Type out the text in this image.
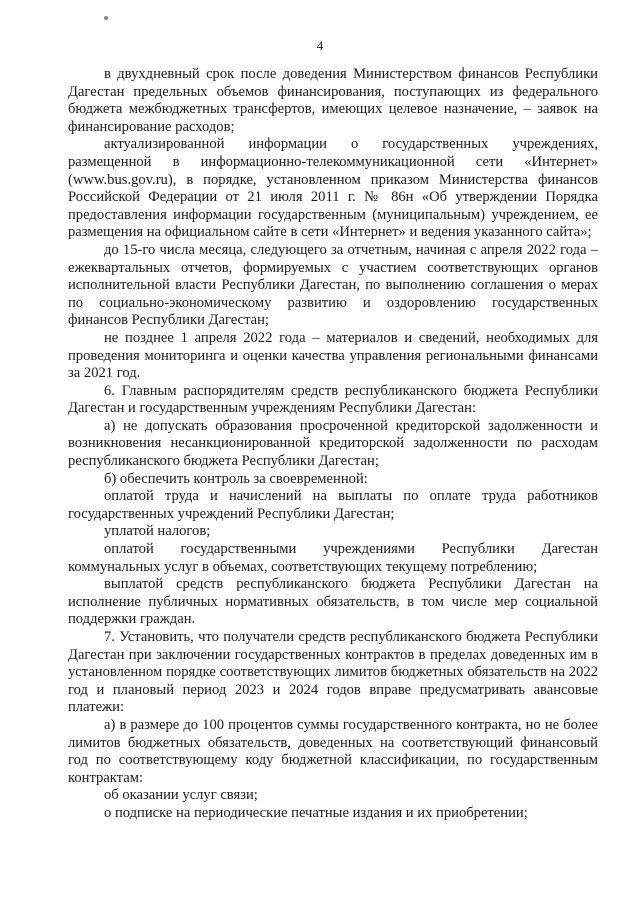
4

в двухдневный срок после доведения Министерством финансов Республики Дагестан предельных объемов финансирования, поступающих из федерального бюджета межбюджетных трансфертов, имеющих целевое назначение, – заявок на финансирование расходов;

актуализированной информации о государственных учреждениях, размещенной в информационно-телекоммуникационной сети «Интернет» (www.bus.gov.ru), в порядке, установленном приказом Министерства финансов Российской Федерации от 21 июля 2011 г. № 86н «Об утверждении Порядка предоставления информации государственным (муниципальным) учреждением, ее размещения на официальном сайте в сети «Интернет» и ведения указанного сайта»;

до 15-го числа месяца, следующего за отчетным, начиная с апреля 2022 года – ежеквартальных отчетов, формируемых с участием соответствующих органов исполнительной власти Республики Дагестан, по выполнению соглашения о мерах по социально-экономическому развитию и оздоровлению государственных финансов Республики Дагестан;

не позднее 1 апреля 2022 года – материалов и сведений, необходимых для проведения мониторинга и оценки качества управления региональными финансами за 2021 год.

6. Главным распорядителям средств республиканского бюджета Республики Дагестан и государственным учреждениям Республики Дагестан:

а) не допускать образования просроченной кредиторской задолженности и возникновения несанкционированной кредиторской задолженности по расходам республиканского бюджета Республики Дагестан;

б) обеспечить контроль за своевременной:

оплатой труда и начислений на выплаты по оплате труда работников государственных учреждений Республики Дагестан;

уплатой налогов;

оплатой государственными учреждениями Республики Дагестан коммунальных услуг в объемах, соответствующих текущему потреблению;

выплатой средств республиканского бюджета Республики Дагестан на исполнение публичных нормативных обязательств, в том числе мер социальной поддержки граждан.

7. Установить, что получатели средств республиканского бюджета Республики Дагестан при заключении государственных контрактов в пределах доведенных им в установленном порядке соответствующих лимитов бюджетных обязательств на 2022 год и плановый период 2023 и 2024 годов вправе предусматривать авансовые платежи:

а) в размере до 100 процентов суммы государственного контракта, но не более лимитов бюджетных обязательств, доведенных на соответствующий финансовый год по соответствующему коду бюджетной классификации, по государственным контрактам:

об оказании услуг связи;

о подписке на периодические печатные издания и их приобретении;
